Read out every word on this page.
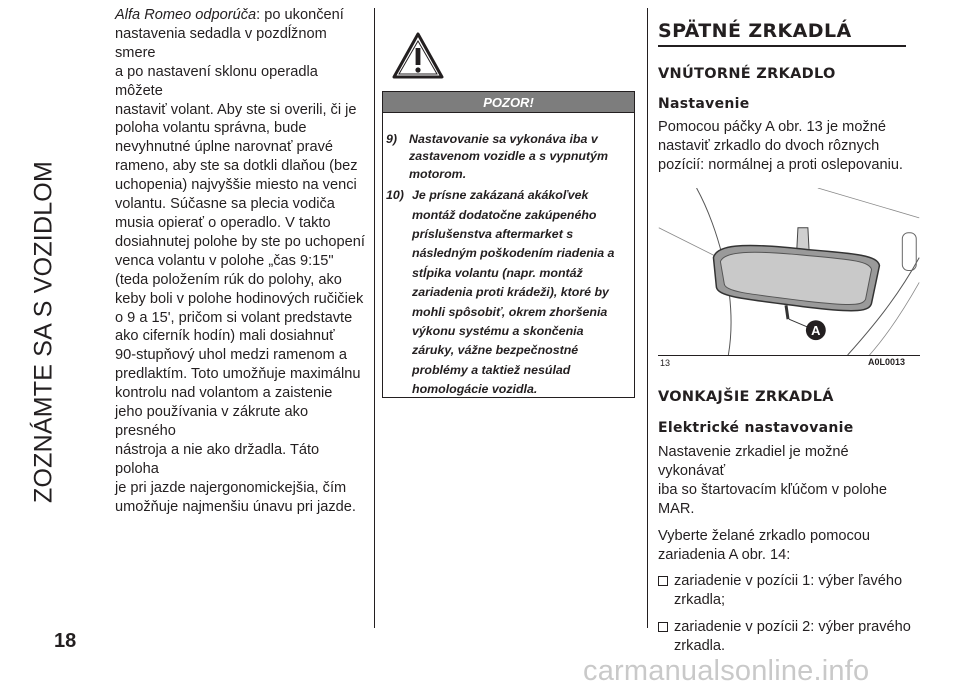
ZOZNÁMTE SA S VOZIDLOM
18
Alfa Romeo odporúča: po ukončení
nastavenia sedadla v pozdĺžnom smere
a po nastavení sklonu operadla môžete
nastaviť volant. Aby ste si overili, či je
poloha volantu správna, bude
nevyhnutné úplne narovnať pravé
rameno, aby ste sa dotkli dlaňou (bez
uchopenia) najvyššie miesto na venci
volantu. Súčasne sa plecia vodiča
musia opierať o operadlo. V takto
dosiahnutej polohe by ste po uchopení
venca volantu v polohe „čas 9:15"
(teda položením rúk do polohy, ako
keby boli v polohe hodinových ručičiek
o 9 a 15', pričom si volant predstavte
ako ciferník hodín) mali dosiahnuť
90-stupňový uhol medzi ramenom a
predlaktím. Toto umožňuje maximálnu
kontrolu nad volantom a zaistenie
jeho používania v zákrute ako presného
nástroja a nie ako držadla. Táto poloha
je pri jazde najergonomickejšia, čím
umožňuje najmenšiu únavu pri jazde.
POZOR!
9) Nastavovanie sa vykonáva iba v
zastavenom vozidle a s vypnutým
motorom.
10) Je prísne zakázaná akákoľvek
montáž dodatočne zakúpeného
príslušenstva aftermarket s
následným poškodením riadenia a
stĺpika volantu (napr. montáž
zariadenia proti krádeži), ktoré by
mohli spôsobiť, okrem zhoršenia
výkonu systému a skončenia
záruky, vážne bezpečnostné
problémy a taktiež nesúlad
homologácie vozidla.
SPÄTNÉ ZRKADLÁ
VNÚTORNÉ ZRKADLO
Nastavenie
Pomocou páčky A obr. 13 je možné
nastaviť zrkadlo do dvoch rôznych
pozícií: normálnej a proti oslepovaniu.
A
13	A0L0013
VONKAJŠIE ZRKADLÁ
Elektrické nastavovanie
Nastavenie zrkadiel je možné vykonávať
iba so štartovacím kľúčom v polohe
MAR.
Vyberte želané zrkadlo pomocou
zariadenia A obr. 14:
zariadenie v pozícii 1: výber ľavého
zrkadla;
zariadenie v pozícii 2: výber pravého
zrkadla.
carmanualsonline.info
